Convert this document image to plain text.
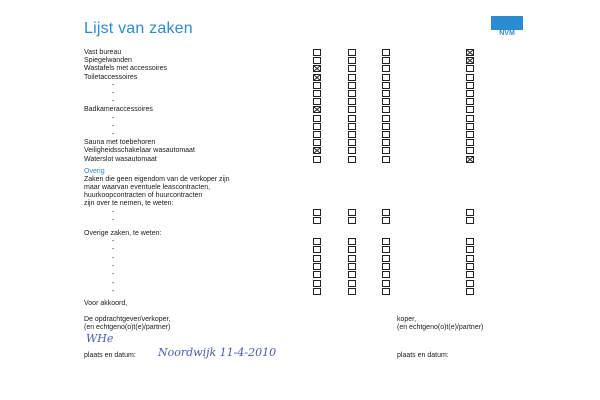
Lijst van zaken	NVM
Vast bureau
Spiegelwanden
Wastafels met accessoires
Toiletaccessoires
-
-
-
Badkameraccessoires
-
-
-
Sauna met toebehoren
Veiligheidsschakelaar wasautomaat
Waterslot wasautomaat
Overig
Zaken die geen eigendom van de verkoper zijn
maar waarvan eventuele leascontracten,
huurkoopcontracten of huurcontracten
zijn over te nemen, te weten:
-
-
Overige zaken, te weten:
-
-
-
-
-
-
-
Voor akkoord,
De opdrachtgever/verkoper,
(en echtgeno(o)t(e)/partner)
koper,
(en echtgeno(o)t(e)/partner)
WHe
plaats en datum: Noordwijk 11-4-2010	plaats en datum:
